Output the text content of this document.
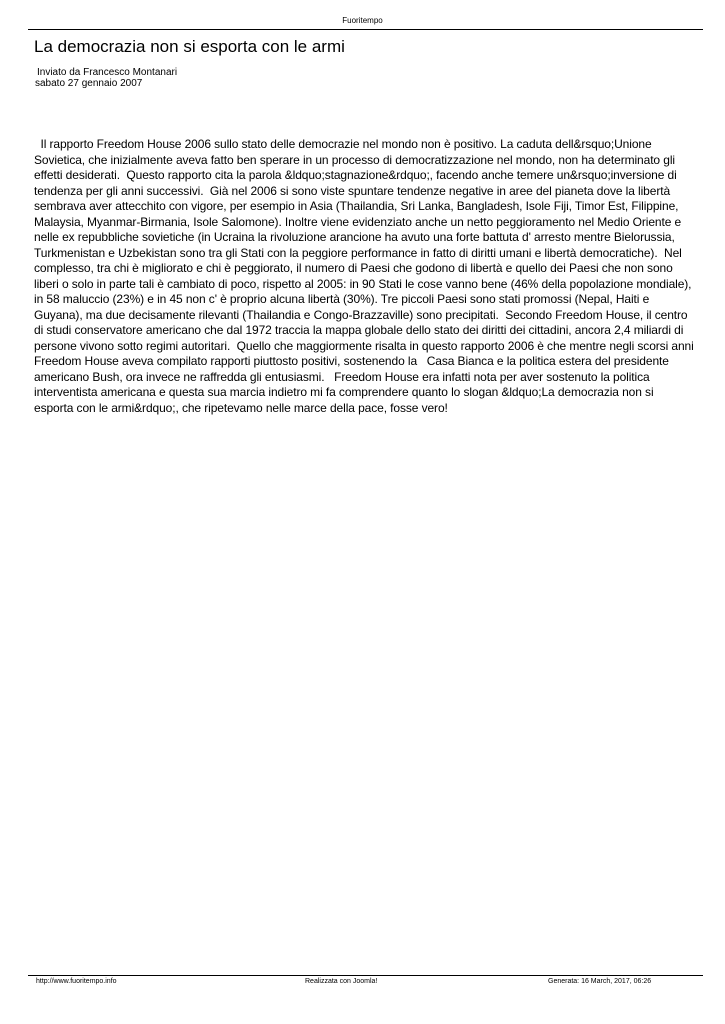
Fuoritempo
La democrazia non si esporta con le armi
Inviato da Francesco Montanari
sabato 27 gennaio 2007

Il rapporto Freedom House 2006 sullo stato delle democrazie nel mondo non è positivo. La caduta dell&rsquo;Unione Sovietica, che inizialmente aveva fatto ben sperare in un processo di democratizzazione nel mondo, non ha determinato gli effetti desiderati.  Questo rapporto cita la parola &ldquo;stagnazione&rdquo;, facendo anche temere un&rsquo;inversione di tendenza per gli anni successivi.  Già nel 2006 si sono viste spuntare tendenze negative in aree del pianeta dove la libertà sembrava aver attecchito con vigore, per esempio in Asia (Thailandia, Sri Lanka, Bangladesh, Isole Fiji, Timor Est, Filippine, Malaysia, Myanmar-Birmania, Isole Salomone). Inoltre viene evidenziato anche un netto peggioramento nel Medio Oriente e nelle ex repubbliche sovietiche (in Ucraina la rivoluzione arancione ha avuto una forte battuta d' arresto mentre Bielorussia, Turkmenistan e Uzbekistan sono tra gli Stati con la peggiore performance in fatto di diritti umani e libertà democratiche).  Nel complesso, tra chi è migliorato e chi è peggiorato, il numero di Paesi che godono di libertà e quello dei Paesi che non sono liberi o solo in parte tali è cambiato di poco, rispetto al 2005: in 90 Stati le cose vanno bene (46% della popolazione mondiale), in 58 maluccio (23%) e in 45 non c' è proprio alcuna libertà (30%). Tre piccoli Paesi sono stati promossi (Nepal, Haiti e Guyana), ma due decisamente rilevanti (Thailandia e Congo-Brazzaville) sono precipitati.  Secondo Freedom House, il centro di studi conservatore americano che dal 1972 traccia la mappa globale dello stato dei diritti dei cittadini, ancora 2,4 miliardi di persone vivono sotto regimi autoritari.  Quello che maggiormente risalta in questo rapporto 2006 è che mentre negli scorsi anni Freedom House aveva compilato rapporti piuttosto positivi, sostenendo la   Casa Bianca e la politica estera del presidente americano Bush, ora invece ne raffredda gli entusiasmi.   Freedom House era infatti nota per aver sostenuto la politica interventista americana e questa sua marcia indietro mi fa comprendere quanto lo slogan &ldquo;La democrazia non si esporta con le armi&rdquo;, che ripetevamo nelle marce della pace, fosse vero!

http://www.fuoritempo.info	Realizzata con Joomla!	Generata: 16 March, 2017, 06:26
